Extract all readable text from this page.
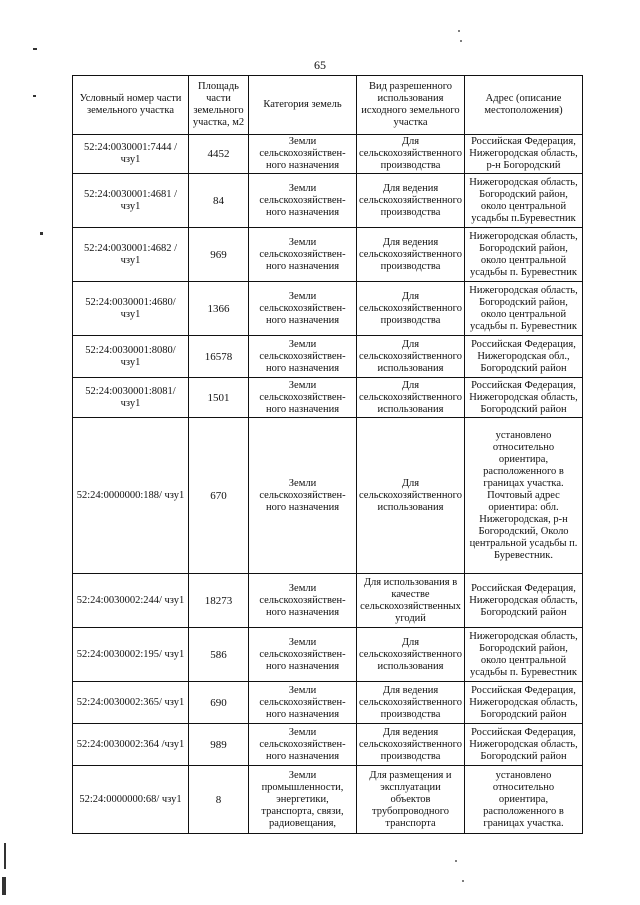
65
Условный номер части земельного участка	Площадь части земельного участка, м2	Категория земель	Вид разрешенного использования исходного земельного участка	Адрес (описание местоположения)
52:24:0030001:7444 /чзу1	4452	Земли сельскохозяйствен-ного назначения	Для сельскохозяйственного производства	Российская Федерация, Нижегородская область, р-н Богородский
52:24:0030001:4681 /чзу1	84	Земли сельскохозяйствен-ного назначения	Для ведения сельскохозяйственного производства	Нижегородская область, Богородский район, около центральной усадьбы п.Буревестник
52:24:0030001:4682 /чзу1	969	Земли сельскохозяйствен-ного назначения	Для ведения сельскохозяйственного производства	Нижегородская область, Богородский район, около центральной усадьбы п. Буревестник
52:24:0030001:4680/ чзу1	1366	Земли сельскохозяйствен-ного назначения	Для сельскохозяйственного производства	Нижегородская область, Богородский район, около центральной усадьбы п. Буревестник
52:24:0030001:8080/ чзу1	16578	Земли сельскохозяйствен-ного назначения	Для сельскохозяйственного использования	Российская Федерация, Нижегородская обл., Богородский район
52:24:0030001:8081/ чзу1	1501	Земли сельскохозяйствен-ного назначения	Для сельскохозяйственного использования	Российская Федерация, Нижегородская область, Богородский район
52:24:0000000:188/ чзу1	670	Земли сельскохозяйствен-ного назначения	Для сельскохозяйственного использования	установлено относительно ориентира, расположенного в границах участка. Почтовый адрес ориентира: обл. Нижегородская, р-н Богородский, Около центральной усадьбы п. Буревестник.
52:24:0030002:244/ чзу1	18273	Земли сельскохозяйствен-ного назначения	Для использования в качестве сельскохозяйственных угодий	Российская Федерация, Нижегородская область, Богородский район
52:24:0030002:195/ чзу1	586	Земли сельскохозяйствен-ного назначения	Для сельскохозяйственного использования	Нижегородская область, Богородский район, около центральной усадьбы п. Буревестник
52:24:0030002:365/ чзу1	690	Земли сельскохозяйствен-ного назначения	Для ведения сельскохозяйственного производства	Российская Федерация, Нижегородская область, Богородский район
52:24:0030002:364 /чзу1	989	Земли сельскохозяйствен-ного назначения	Для ведения сельскохозяйственного производства	Российская Федерация, Нижегородская область, Богородский район
52:24:0000000:68/ чзу1	8	Земли промышленности, энергетики, транспорта, связи, радиовещания,	Для размещения и эксплуатации объектов трубопроводного транспорта	установлено относительно ориентира, расположенного в границах участка.
